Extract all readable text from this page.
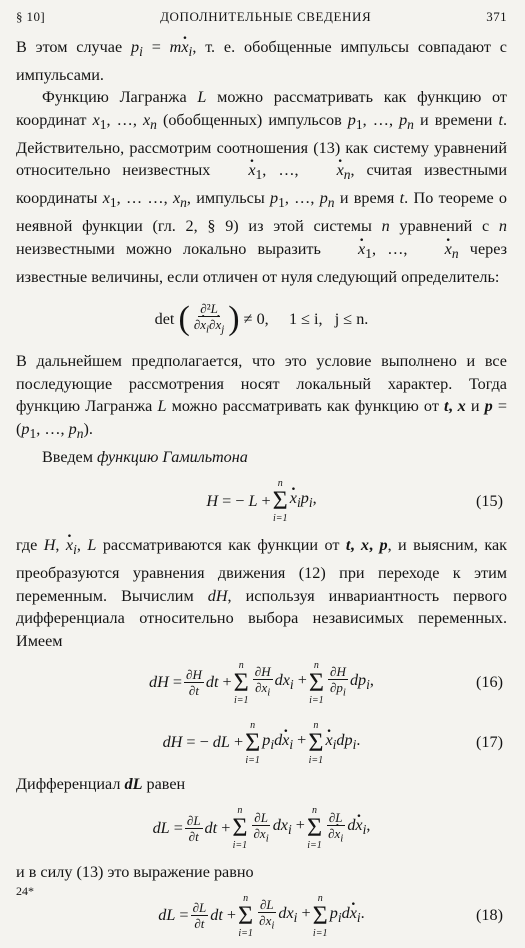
§ 10]	ДОПОЛНИТЕЛЬНЫЕ СВЕДЕНИЯ	371

В этом случае $p_i = m\cdot x_i$, т. е. обобщенные импульсы совпадают с импульсами.

Функцию Лагранжа L можно рассматривать как функцию от координат $x_1$, …, $x_n$ (обобщенных) импульсов $p_1$, …, $p_n$ и времени t. Действительно, рассмотрим соотношения (13) как систему уравнений относительно неизвестных · $x_1$, …, · $x_n$, считая известными координаты $x_1$, … …, $x_n$, импульсы $p_1$, …, $p_n$ и время t. По теореме о неявной функции (гл. 2, § 9) из этой системы n уравнений с n неизвестными можно локально выразить · $x_1$, …, · $x_n$ через известные величины, если отличен от нуля следующий определитель:

det
( $\frac{\text{∂²L}}{\partial\cdot x_i\partial\cdot x_j}$ )
≠ 0,     1 ≤ i,   j ≤ n.

В дальнейшем предполагается, что это условие выполнено и все последующие рассмотрения носят локальный характер. Тогда функцию Лагранжа L можно рассматривать как функцию от t, x и $p = (p_1$, …, $p_n$).

Введем функцию Гамильтона

H = − L +
n
Σ
i=1
· $x_ip_i$,	(15)

где H, · $x_i$, L рассматриваются как функции от t, x, p, и выясним, как преобразуются уравнения движения (12) при переходе к этим переменным. Вычислим dH, используя инвариантность первого дифференциала относительно выбора независимых переменных. Имеем

dH = $\frac{\partial H}{\partial t}$ dt +
n
Σ
$i=1 \frac{\partial H}{\partial x_i} dx_i$ +
n
Σ
$i=1 \frac{\partial H}{\partial p_i} dp_i$,	(16)
dH = − dL +
n
Σ
i=1
$p_id\cdot x_i$ +
n
Σ
i=1
· $x_idp_i$.	(17)

Дифференциал dL равен

dL = $\frac{\partial L}{\partial t}$ dt +
n
Σ
$i=1 \frac{\partial L}{\partial x_i} dx_i$ +
n
Σ
$i=1 \frac{\partial L}{\partial\cdot x_i} d\cdot x_i$,

и в силу (13) это выражение равно

dL = $\frac{\partial L}{\partial t}$ dt +
n
Σ
$i=1 \frac{\partial L}{\partial x_i} dx_i$ +
n
Σ
i=1
$p_id\cdot x_i$.	(18)
24*
